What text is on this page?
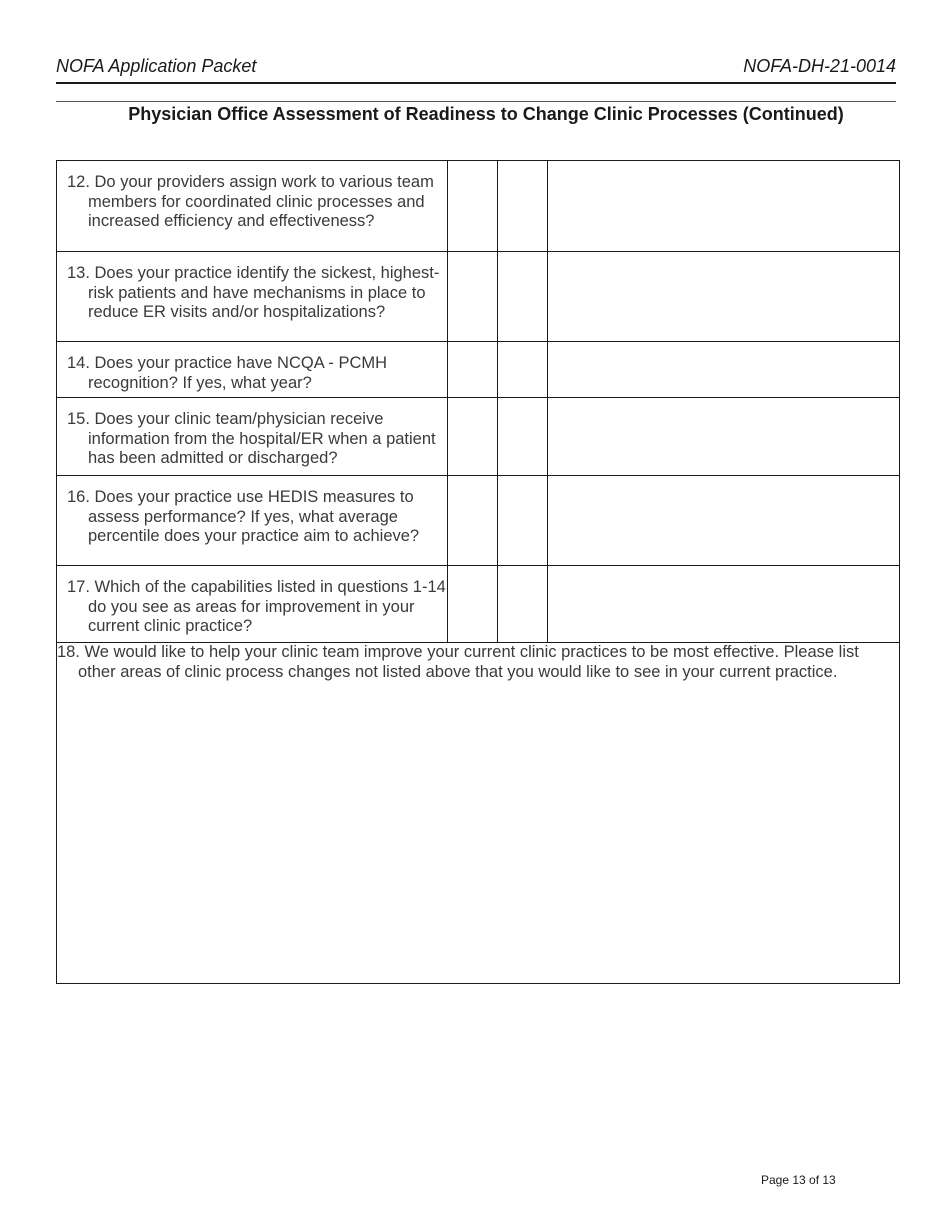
NOFA Application Packet	NOFA-DH-21-0014
Physician Office Assessment of Readiness to Change Clinic Processes (Continued)
12. Do your providers assign work to various team members for coordinated clinic processes and increased efficiency and effectiveness?			

13. Does your practice identify the sickest, highest-risk patients and have mechanisms in place to reduce ER visits and/or hospitalizations?			

14. Does your practice have NCQA - PCMH recognition? If yes, what year?			

15. Does your clinic team/physician receive information from the hospital/ER when a patient has been admitted or discharged?			

16. Does your practice use HEDIS measures to assess performance? If yes, what average percentile does your practice aim to achieve?			

17. Which of the capabilities listed in questions 1-14 do you see as areas for improvement in your current clinic practice?			

18. We would like to help your clinic team improve your current clinic practices to be most effective. Please list other areas of clinic process changes not listed above that you would like to see in your current practice.			
Page 13 of 13
